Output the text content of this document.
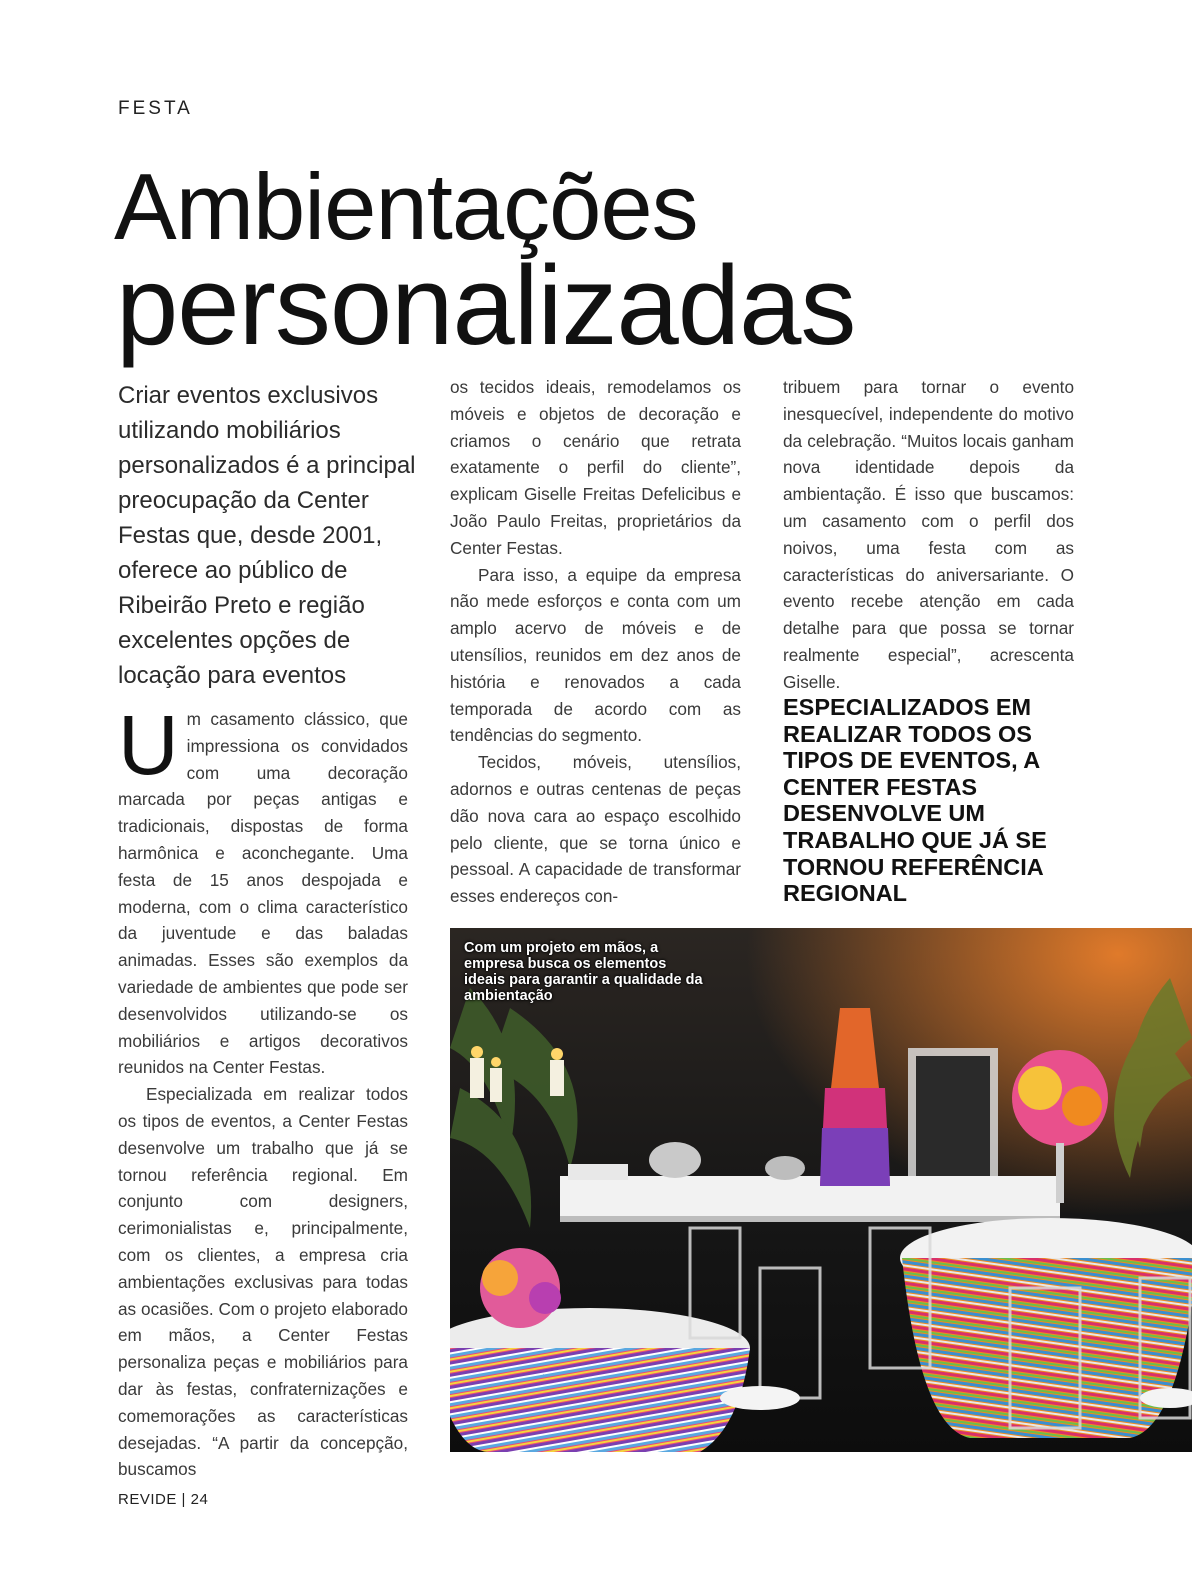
FESTA
Ambientações
personalizadas
Criar eventos exclusivos utilizando mobiliários personalizados é a principal preocupação da Center Festas que, desde 2001, oferece ao público de Ribeirão Preto e região excelentes opções de locação para eventos

Um casamento clássico, que impressiona os convidados com uma decoração marcada por peças antigas e tradicionais, dispostas de forma harmônica e aconchegante. Uma festa de 15 anos despojada e moderna, com o clima característico da juventude e das baladas animadas. Esses são exemplos da variedade de ambientes que pode ser desenvolvidos utilizando-se os mobiliários e artigos decorativos reunidos na Center Festas.

Especializada em realizar todos os tipos de eventos, a Center Festas desenvolve um trabalho que já se tornou referência regional. Em conjunto com designers, cerimonialistas e, principalmente, com os clientes, a empresa cria ambientações exclusivas para todas as ocasiões. Com o projeto elaborado em mãos, a Center Festas personaliza peças e mobiliários para dar às festas, confraternizações e comemorações as características desejadas. “A partir da concepção, buscamos

os tecidos ideais, remodelamos os móveis e objetos de decoração e criamos o cenário que retrata exatamente o perfil do cliente”, explicam Giselle Freitas Defelicibus e João Paulo Freitas, proprietários da Center Festas.

Para isso, a equipe da empresa não mede esforços e conta com um amplo acervo de móveis e de utensílios, reunidos em dez anos de história e renovados a cada temporada de acordo com as tendências do segmento.

Tecidos, móveis, utensílios, adornos e outras centenas de peças dão nova cara ao espaço escolhido pelo cliente, que se torna único e pessoal. A capacidade de transformar esses endereços con-

tribuem para tornar o evento inesquecível, independente do motivo da celebração. “Muitos locais ganham nova identidade depois da ambientação. É isso que buscamos: um casamento com o perfil dos noivos, uma festa com as características do aniversariante. O evento recebe atenção em cada detalhe para que possa se tornar realmente especial”, acrescenta Giselle.

ESPECIALIZADOS EM REALIZAR TODOS OS TIPOS DE EVENTOS, A CENTER FESTAS DESENVOLVE UM TRABALHO QUE JÁ SE TORNOU REFERÊNCIA REGIONAL
Com um projeto em mãos, a empresa busca os elementos ideais para garantir a qualidade da ambientação
REVIDE | 24
